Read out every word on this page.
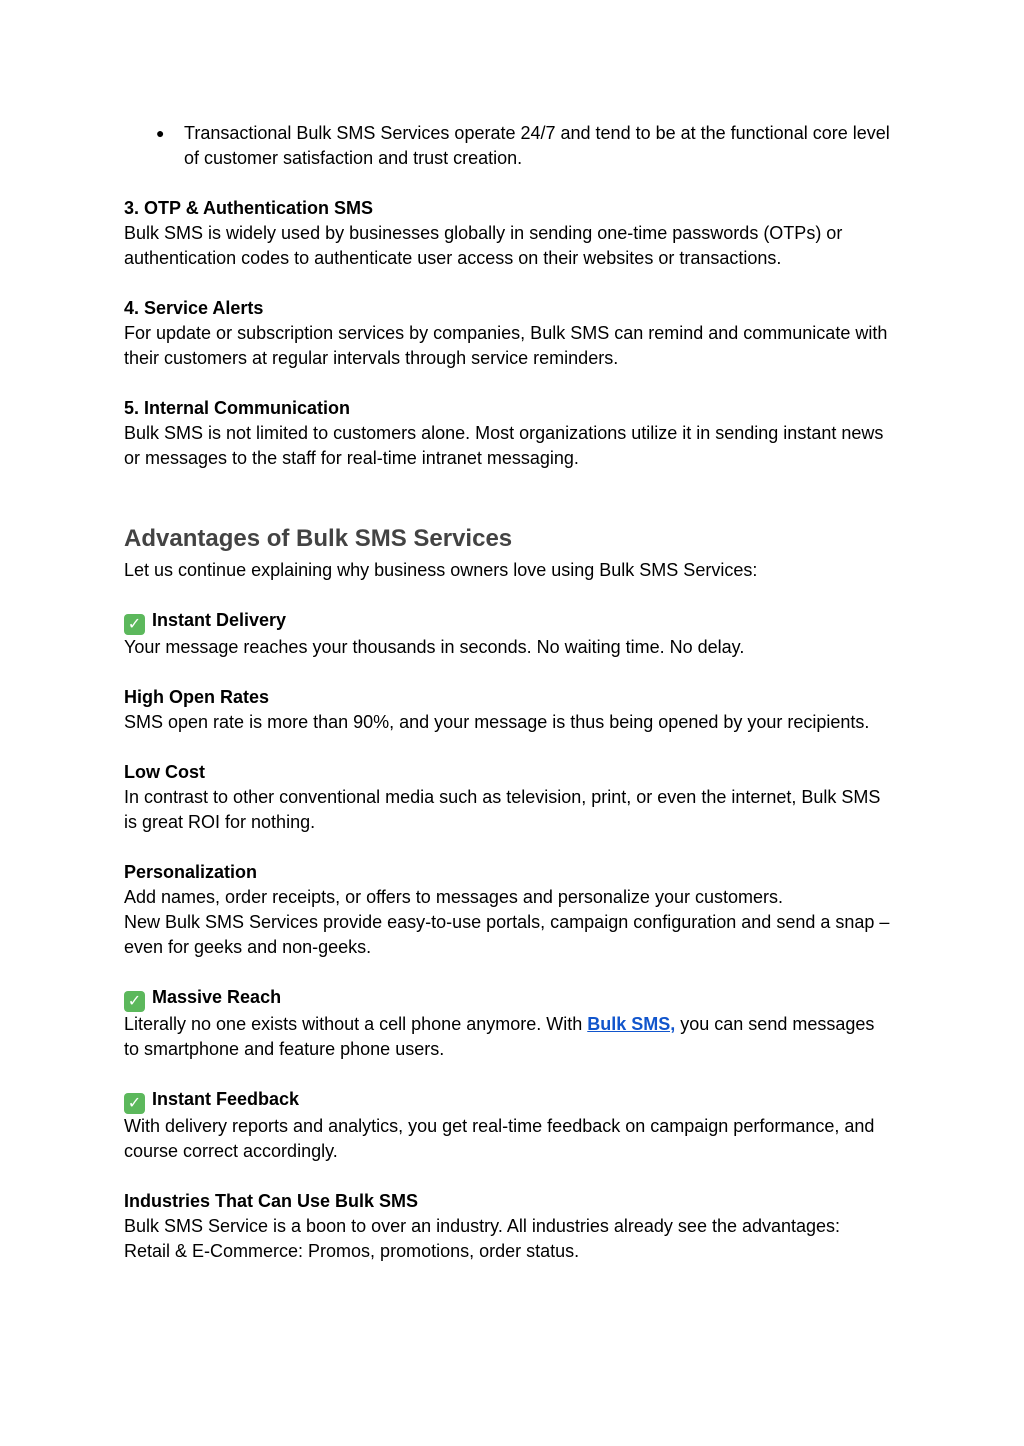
●	Transactional Bulk SMS Services operate 24/7 and tend to be at the functional core level of customer satisfaction and trust creation.

3. OTP & Authentication SMS

Bulk SMS is widely used by businesses globally in sending one-time passwords (OTPs) or authentication codes to authenticate user access on their websites or transactions.

4. Service Alerts

For update or subscription services by companies, Bulk SMS can remind and communicate with their customers at regular intervals through service reminders.

5. Internal Communication

Bulk SMS is not limited to customers alone. Most organizations utilize it in sending instant news or messages to the staff for real-time intranet messaging.

Advantages of Bulk SMS Services

Let us continue explaining why business owners love using Bulk SMS Services:

✓ Instant Delivery

Your message reaches your thousands in seconds. No waiting time. No delay.

High Open Rates

SMS open rate is more than 90%, and your message is thus being opened by your recipients.

Low Cost

In contrast to other conventional media such as television, print, or even the internet, Bulk SMS is great ROI for nothing.

Personalization

Add names, order receipts, or offers to messages and personalize your customers.

New Bulk SMS Services provide easy-to-use portals, campaign configuration and send a snap – even for geeks and non-geeks.

✓ Massive Reach

Literally no one exists without a cell phone anymore. With Bulk SMS, you can send messages to smartphone and feature phone users.

✓ Instant Feedback

With delivery reports and analytics, you get real-time feedback on campaign performance, and course correct accordingly.

Industries That Can Use Bulk SMS

Bulk SMS Service is a boon to over an industry. All industries already see the advantages:

Retail & E-Commerce: Promos, promotions, order status.
